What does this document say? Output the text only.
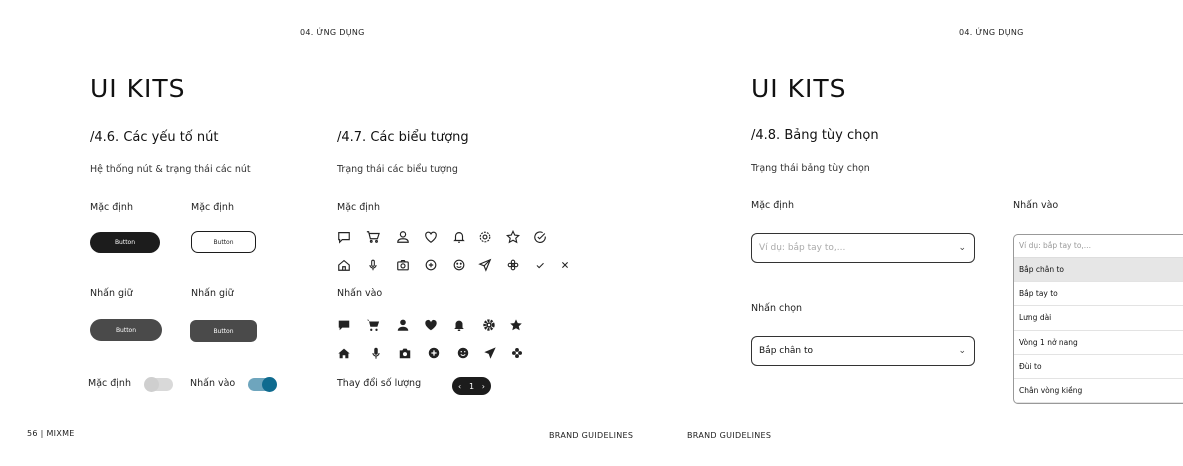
04. ỨNG DỤNG
UI KITS
/4.6. Các yếu tố nút
Hệ thống nút & trạng thái các nút
Mặc định	Mặc định
Button	Button
Nhấn giữ	Nhấn giữ
Button	Button
Mặc định	Nhấn vào
/4.7. Các biểu tượng
Trạng thái các biểu tượng
Mặc định
Nhấn vào
Thay đổi số lượng	‹ 1 ›
56 | MIXME	BRAND GUIDELINES
04. ỨNG DỤNG
UI KITS
/4.8. Bảng tùy chọn
Trạng thái bảng tùy chọn
Mặc định	Nhấn vào
Ví dụ: bắp tay to,...	⌄
Nhấn chọn
Bắp chân to	⌄
Ví dụ: bắp tay to,...
Bắp chân to
Bắp tay to
Lưng dài
Vòng 1 nở nang
Đùi to
Chân vòng kiềng
BRAND GUIDELINES
